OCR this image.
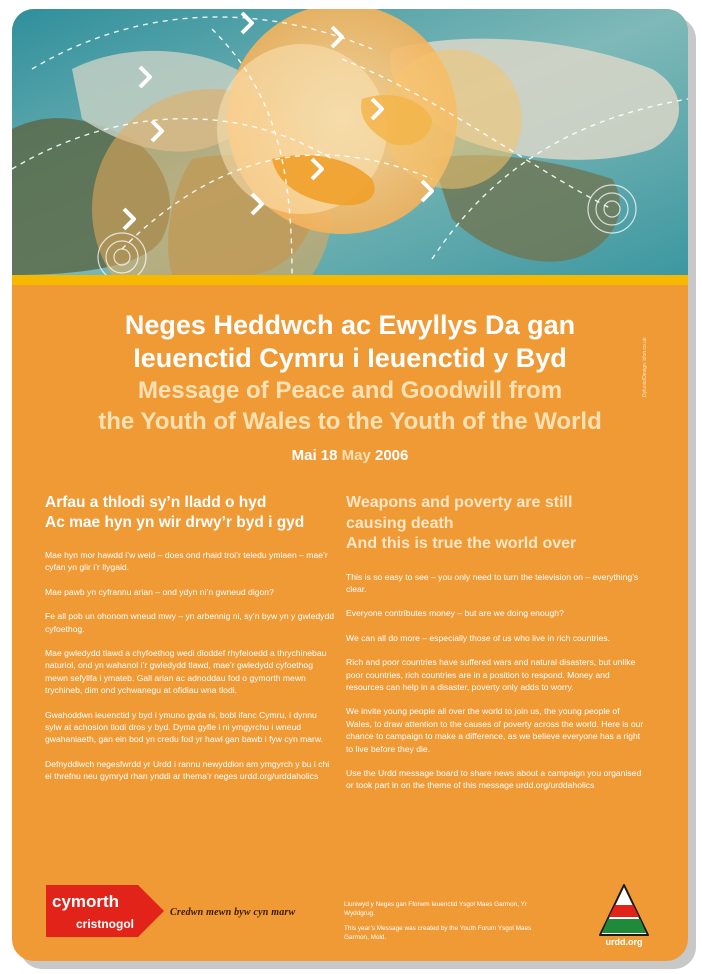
Dylunio/Design: bfon.co.uk

Neges Heddwch ac Ewyllys Da gan

Ieuenctid Cymru i Ieuenctid y Byd

Message of Peace and Goodwill from

the Youth of Wales to the Youth of the World

Mai 18 May 2006
Arfau a thlodi sy’n lladd o hyd
Ac mae hyn yn wir drwy’r byd i gyd

Mae hyn mor hawdd i’w weld – does ond rhaid troi’r teledu ymlaen – mae’r cyfan yn glir i’r llygaid.

Mae pawb yn cyfrannu arian – ond ydyn ni’n gwneud digon?

Fe all pob un ohonom wneud mwy – yn arbennig ni, sy’n byw yn y gwledydd cyfoethog.

Mae gwledydd tlawd a chyfoethog wedi dioddef rhyfeloedd a thrychinebau naturiol, ond yn wahanol i’r gwledydd tlawd, mae’r gwledydd cyfoethog mewn sefyllfa i ymateb. Gall arian ac adnoddau fod o gymorth mewn trychineb, dim ond ychwanegu at ofidiau wna tlodi.

Gwahoddwn ieuenctid y byd i ymuno gyda ni, bobl ifanc Cymru, i dynnu sylw at achosion tlodi dros y byd. Dyma gyfle i ni ymgyrchu i wneud gwahaniaeth, gan ein bod yn credu fod yr hawl gan bawb i fyw cyn marw.

Defnyddiwch negesfwrdd yr Urdd i rannu newyddion am ymgyrch y bu i chi ei threfnu neu gymryd rhan ynddi ar thema’r neges urdd.org/urddaholics

Weapons and poverty are still
causing death
And this is true the world over

This is so easy to see – you only need to turn the television on – everything’s clear.

Everyone contributes money – but are we doing enough?

We can all do more – especially those of us who live in rich countries.

Rich and poor countries have suffered wars and natural disasters, but unlike poor countries, rich countries are in a position to respond. Money and resources can help in a disaster, poverty only adds to worry.

We invite young people all over the world to join us, the young people of Wales, to draw attention to the causes of poverty across the world. Here is our chance to campaign to make a difference, as we believe everyone has a right to live before they die.

Use the Urdd message board to share news about a campaign you organised or took part in on the theme of this message urdd.org/urddaholics

cymorth
cristnogol
Credwn mewn byw cyn marw

Lluniwyd y Neges gan Fforwm Ieuenctid Ysgol Maes Garmon, Yr Wyddgrug.

This year’s Message was created by the Youth Forum Ysgol Maes Garmon, Mold.	urdd.org
